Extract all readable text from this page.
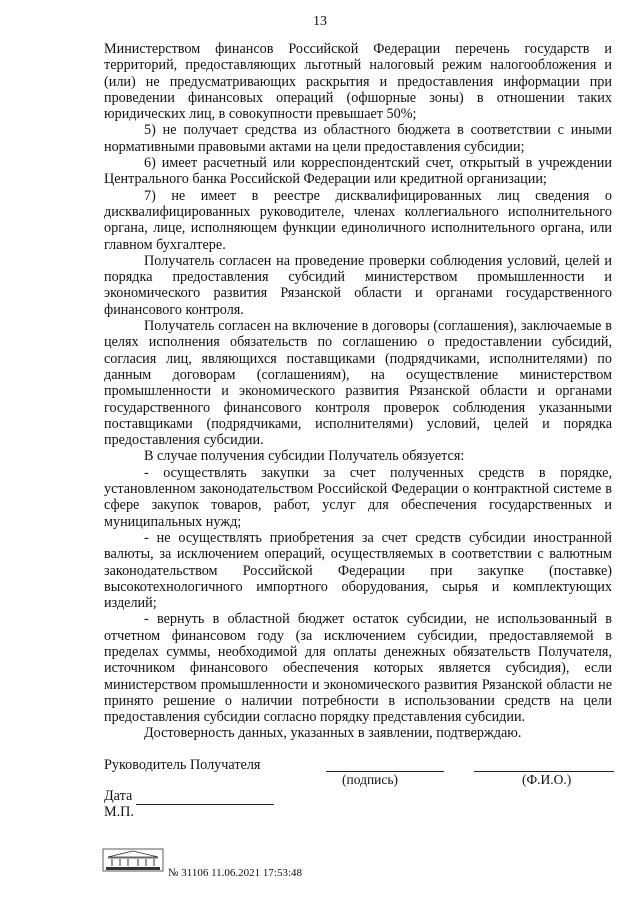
13

Министерством финансов Российской Федерации перечень государств и территорий, предоставляющих льготный налоговый режим налогообложения и (или) не предусматривающих раскрытия и предоставления информации при проведении финансовых операций (офшорные зоны) в отношении таких юридических лиц, в совокупности превышает 50%;

5) не получает средства из областного бюджета в соответствии с иными нормативными правовыми актами на цели предоставления субсидии;

6) имеет расчетный или корреспондентский счет, открытый в учреждении Центрального банка Российской Федерации или кредитной организации;

7) не имеет в реестре дисквалифицированных лиц сведения о дисквалифицированных руководителе, членах коллегиального исполнительного органа, лице, исполняющем функции единоличного исполнительного органа, или главном бухгалтере.

Получатель согласен на проведение проверки соблюдения условий, целей и порядка предоставления субсидий министерством промышленности и экономического развития Рязанской области и органами государственного финансового контроля.

Получатель согласен на включение в договоры (соглашения), заключаемые в целях исполнения обязательств по соглашению о предоставлении субсидий, согласия лиц, являющихся поставщиками (подрядчиками, исполнителями) по данным договорам (соглашениям), на осуществление министерством промышленности и экономического развития Рязанской области и органами государственного финансового контроля проверок соблюдения указанными поставщиками (подрядчиками, исполнителями) условий, целей и порядка предоставления субсидии.

В случае получения субсидии Получатель обязуется:

- осуществлять закупки за счет полученных средств в порядке, установленном законодательством Российской Федерации о контрактной системе в сфере закупок товаров, работ, услуг для обеспечения государственных и муниципальных нужд;

- не осуществлять приобретения за счет средств субсидии иностранной валюты, за исключением операций, осуществляемых в соответствии с валютным законодательством Российской Федерации при закупке (поставке) высокотехнологичного импортного оборудования, сырья и комплектующих изделий;

- вернуть в областной бюджет остаток субсидии, не использованный в отчетном финансовом году (за исключением субсидии, предоставляемой в пределах суммы, необходимой для оплаты денежных обязательств Получателя, источником финансового обеспечения которых является субсидия), если министерством промышленности и экономического развития Рязанской области не принято решение о наличии потребности в использовании средств на цели предоставления субсидии согласно порядку представления субсидии.

Достоверность данных, указанных в заявлении, подтверждаю.

Руководитель Получателя
(подпись)	(Ф.И.О.)
Дата
М.П.
№ 31106 11.06.2021 17:53:48
